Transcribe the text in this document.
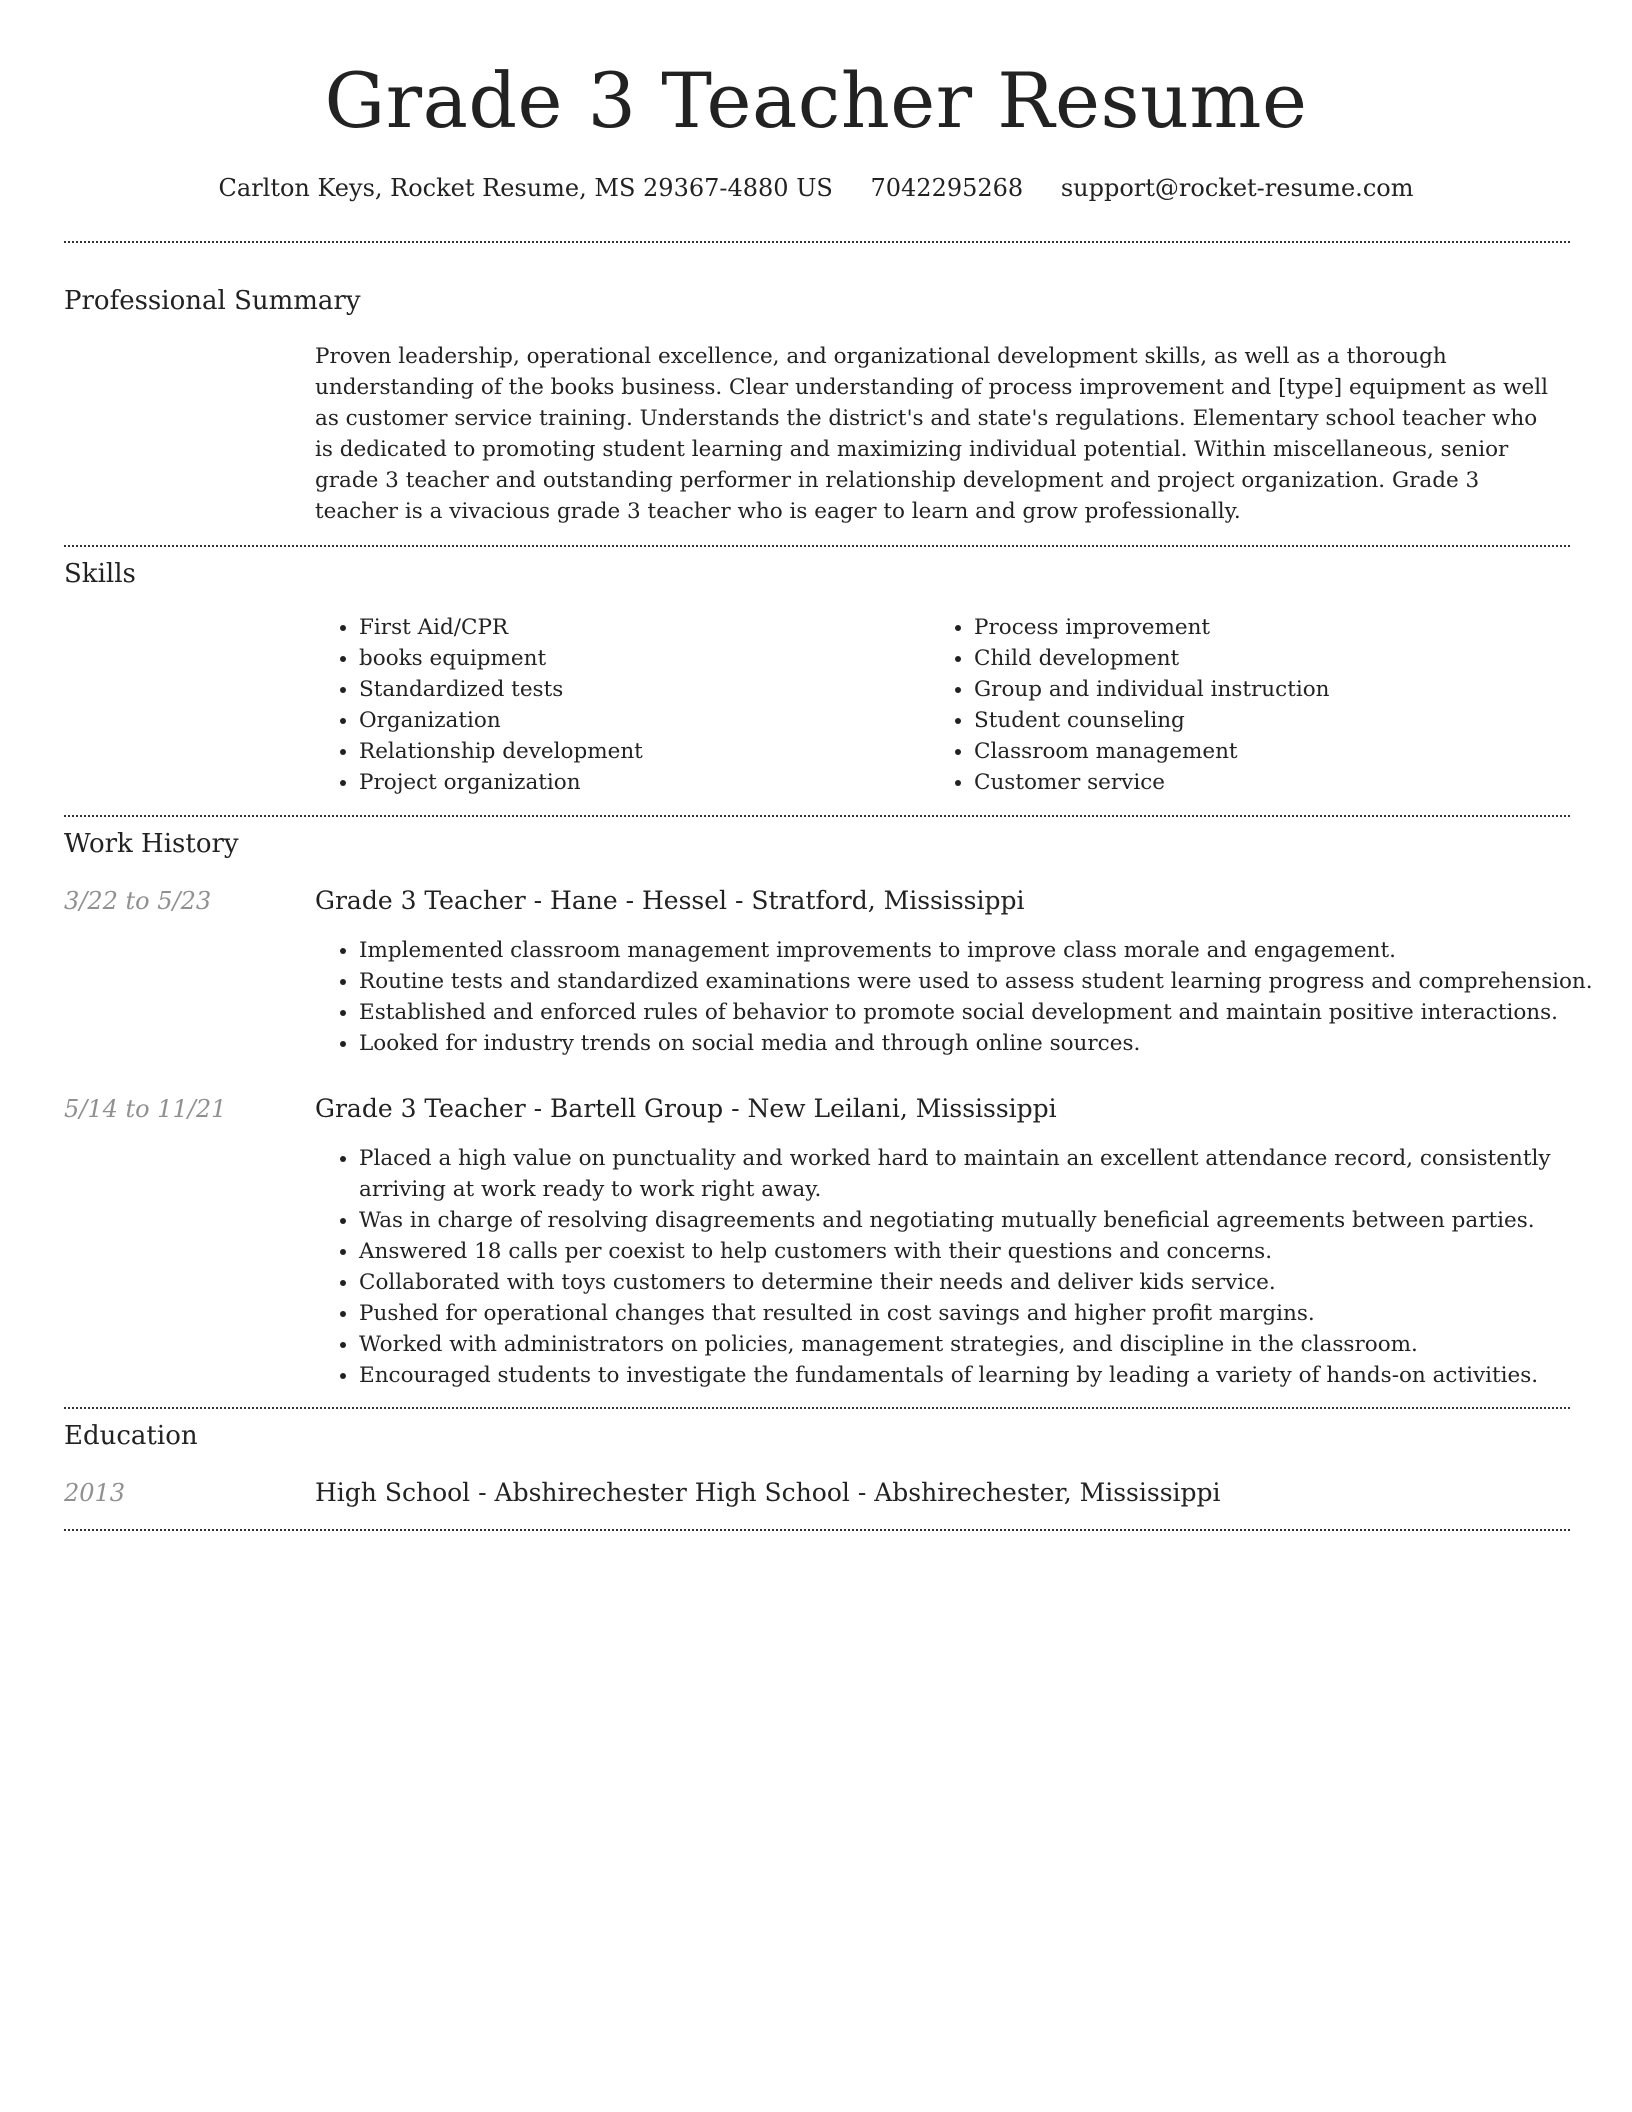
Grade 3 Teacher Resume
Carlton Keys, Rocket Resume, MS 29367-4880 US 7042295268 support@rocket-resume.com
Professional Summary

Proven leadership, operational excellence, and organizational development skills, as well as a thorough understanding of the books business. Clear understanding of process improvement and [type] equipment as well as customer service training. Understands the district's and state's regulations. Elementary school teacher who is dedicated to promoting student learning and maximizing individual potential. Within miscellaneous, senior grade 3 teacher and outstanding performer in relationship development and project organization. Grade 3 teacher is a vivacious grade 3 teacher who is eager to learn and grow professionally.

Skills
• First Aid/CPR
• books equipment
• Standardized tests
• Organization
• Relationship development
• Project organization
• Process improvement
• Child development
• Group and individual instruction
• Student counseling
• Classroom management
• Customer service
Work History
3/22 to 5/23	Grade 3 Teacher - Hane - Hessel - Stratford, Mississippi
• Implemented classroom management improvements to improve class morale and engagement.
• Routine tests and standardized examinations were used to assess student learning progress and comprehension.
• Established and enforced rules of behavior to promote social development and maintain positive interactions.
• Looked for industry trends on social media and through online sources.
5/14 to 11/21	Grade 3 Teacher - Bartell Group - New Leilani, Mississippi
• Placed a high value on punctuality and worked hard to maintain an excellent attendance record, consistently arriving at work ready to work right away.
• Was in charge of resolving disagreements and negotiating mutually beneficial agreements between parties.
• Answered 18 calls per coexist to help customers with their questions and concerns.
• Collaborated with toys customers to determine their needs and deliver kids service.
• Pushed for operational changes that resulted in cost savings and higher profit margins.
• Worked with administrators on policies, management strategies, and discipline in the classroom.
• Encouraged students to investigate the fundamentals of learning by leading a variety of hands-on activities.
Education
2013	High School - Abshirechester High School - Abshirechester, Mississippi
